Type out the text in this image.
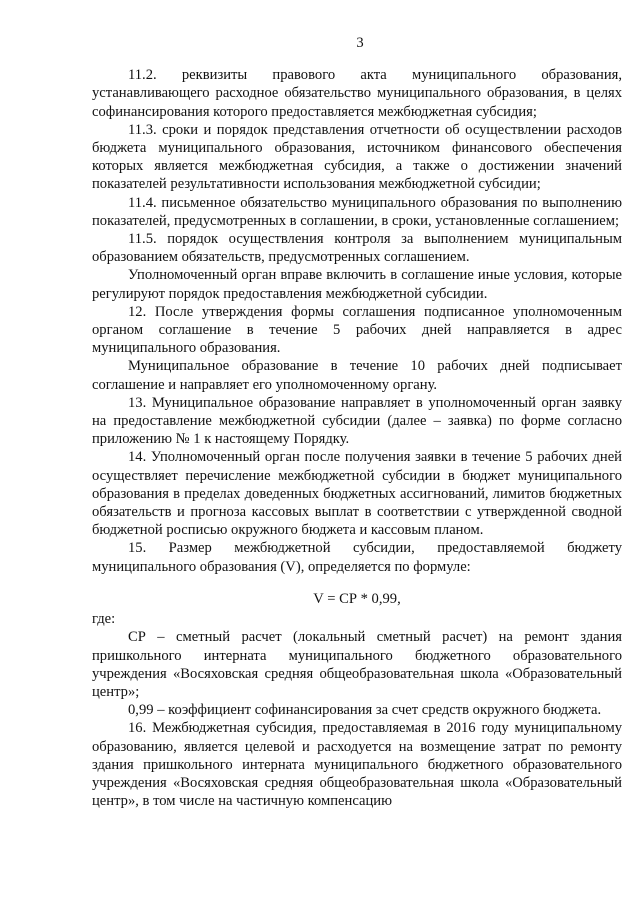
3

11.2. реквизиты правового акта муниципального образования, устанавливающего расходное обязательство муниципального образования, в целях софинансирования которого предоставляется межбюджетная субсидия;

11.3. сроки и порядок представления отчетности об осуществлении расходов бюджета муниципального образования, источником финансового обеспечения которых является межбюджетная субсидия, а также о достижении значений показателей результативности использования межбюджетной субсидии;

11.4. письменное обязательство муниципального образования по выполнению показателей, предусмотренных в соглашении, в сроки, установленные соглашением;

11.5. порядок осуществления контроля за выполнением муниципальным образованием обязательств, предусмотренных соглашением.

Уполномоченный орган вправе включить в соглашение иные условия, которые регулируют порядок предоставления межбюджетной субсидии.

12. После утверждения формы соглашения подписанное уполномоченным органом соглашение в течение 5 рабочих дней направляется в адрес муниципального образования.

Муниципальное образование в течение 10 рабочих дней подписывает соглашение и направляет его уполномоченному органу.

13. Муниципальное образование направляет в уполномоченный орган заявку на предоставление межбюджетной субсидии (далее – заявка) по форме согласно приложению № 1 к настоящему Порядку.

14. Уполномоченный орган после получения заявки в течение 5 рабочих дней осуществляет перечисление межбюджетной субсидии в бюджет муниципального образования в пределах доведенных бюджетных ассигнований, лимитов бюджетных обязательств и прогноза кассовых выплат в соответствии с утвержденной сводной бюджетной росписью окружного бюджета и кассовым планом.

15. Размер межбюджетной субсидии, предоставляемой бюджету муниципального образования (V), определяется по формуле:

V = СР * 0,99,

где:

СР – сметный расчет (локальный сметный расчет) на ремонт здания пришкольного интерната муниципального бюджетного образовательного учреждения «Восяховская средняя общеобразовательная школа «Образовательный центр»;

0,99 – коэффициент софинансирования за счет средств окружного бюджета.

16. Межбюджетная субсидия, предоставляемая в 2016 году муниципальному образованию, является целевой и расходуется на возмещение затрат по ремонту здания пришкольного интерната муниципального бюджетного образовательного учреждения «Восяховская средняя общеобразовательная школа «Образовательный центр», в том числе на частичную компенсацию
